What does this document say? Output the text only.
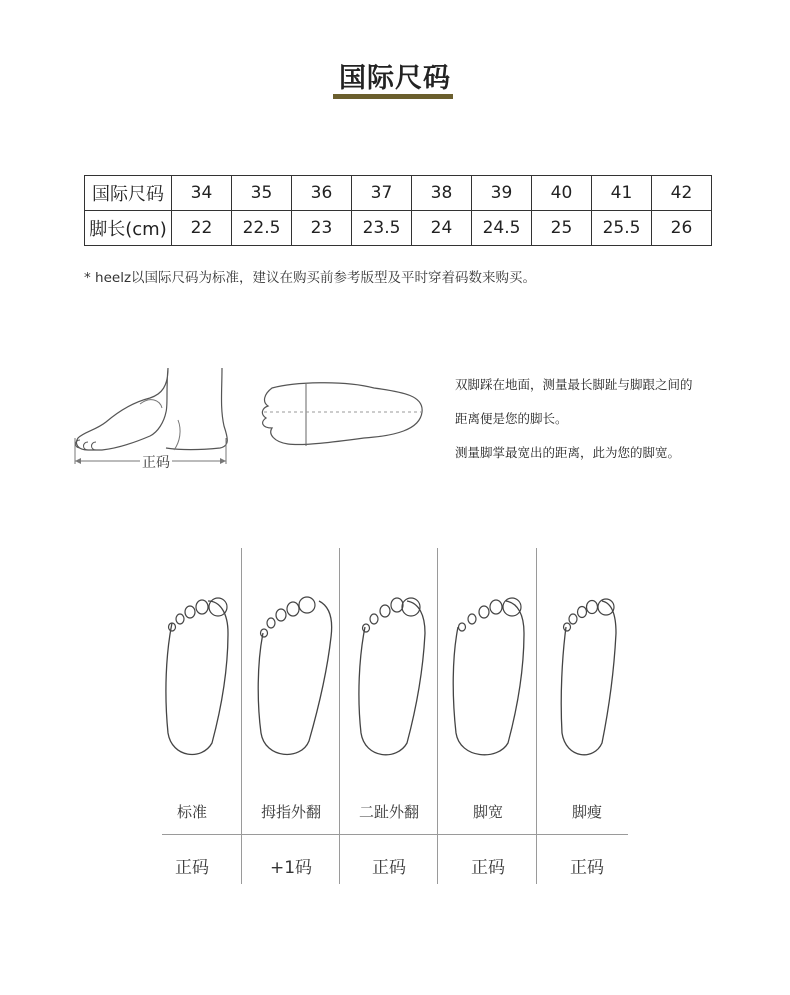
国际尺码
国际尺码	34	35	36	37	38	39	40	41	42
脚长(cm)	22	22.5	23	23.5	24	24.5	25	25.5	26
* heelz以国际尺码为标准，建议在购买前参考版型及平时穿着码数来购买。
正码
双脚踩在地面，测量最长脚趾与脚跟之间的
距离便是您的脚长。
测量脚掌最宽出的距离，此为您的脚宽。
标准	拇指外翻	二趾外翻	脚宽	脚瘦
正码	+1码	正码	正码	正码
